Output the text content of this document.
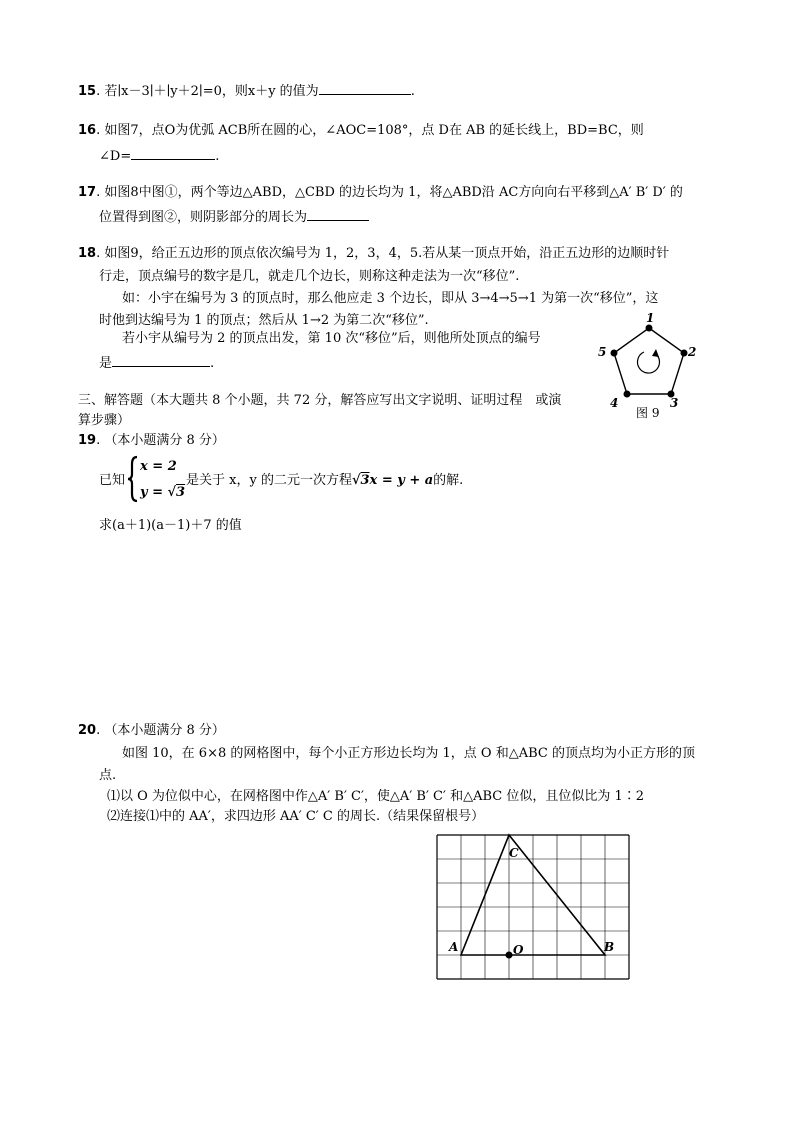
15. 若∣x－3∣＋∣y＋2∣=0，则x＋y 的值为	.
16. 如图7，点O为优弧 ACB所在圆的心，∠AOC=108°，点 D在 AB 的延长线上，BD=BC，则
∠D=	.
17. 如图8中图①，两个等边△ABD，△CBD 的边长均为 1，将△ABD沿 AC方向向右平移到△A′ B′ D′ 的
位置得到图②，则阴影部分的周长为
18. 如图9，给正五边形的顶点依次编号为 1，2，3，4，5.若从某一顶点开始，沿正五边形的边顺时针
行走，顶点编号的数字是几，就走几个边长，则称这种走法为一次“移位”.
如：小宇在编号为 3 的顶点时，那么他应走 3 个边长，即从 3→4→5→1 为第一次“移位”，这
时他到达编号为 1 的顶点；然后从 1→2 为第二次“移位”.
若小宇从编号为 2 的顶点出发，第 10 次“移位”后，则他所处顶点的编号
是	.
1
2
3
4
5
图 9
三、解答题（本大题共 8 个小题，共 72 分，解答应写出文字说明、证明过程　或演
算步骤）
19. （本小题满分 8 分）
已知
x = 2
y = √3
是关于 x，y 的二元一次方程√3x = y + a的解.
求(a＋1)(a－1)＋7 的值
20. （本小题满分 8 分）
如图 10，在 6×8 的网格图中，每个小正方形边长均为 1，点 O 和△ABC 的顶点均为小正方形的顶
点.
⑴以 O 为位似中心，在网格图中作△A′ B′ C′，使△A′ B′ C′ 和△ABC 位似，且位似比为 1∶2
⑵连接⑴中的 AA′，求四边形 AA′ C′ C 的周长.（结果保留根号）
A	B
C
O
